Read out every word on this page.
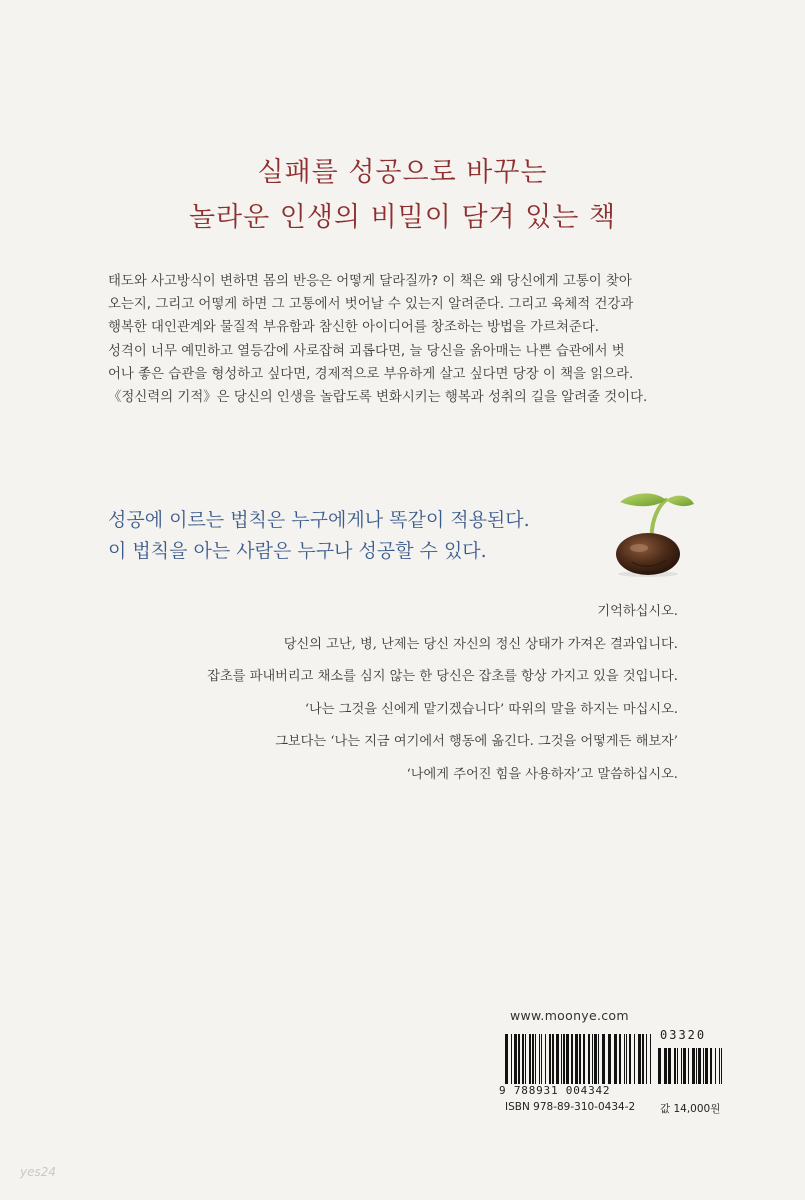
실패를 성공으로 바꾸는
놀라운 인생의 비밀이 담겨 있는 책
태도와 사고방식이 변하면 몸의 반응은 어떻게 달라질까? 이 책은 왜 당신에게 고통이 찾아
오는지, 그리고 어떻게 하면 그 고통에서 벗어날 수 있는지 알려준다. 그리고 육체적 건강과
행복한 대인관계와 물질적 부유함과 참신한 아이디어를 창조하는 방법을 가르쳐준다.
성격이 너무 예민하고 열등감에 사로잡혀 괴롭다면, 늘 당신을 옭아매는 나쁜 습관에서 벗
어나 좋은 습관을 형성하고 싶다면, 경제적으로 부유하게 살고 싶다면 당장 이 책을 읽으라.
《정신력의 기적》은 당신의 인생을 놀랍도록 변화시키는 행복과 성취의 길을 알려줄 것이다.
성공에 이르는 법칙은 누구에게나 똑같이 적용된다.
이 법칙을 아는 사람은 누구나 성공할 수 있다.
기억하십시오.
당신의 고난, 병, 난제는 당신 자신의 정신 상태가 가져온 결과입니다.
잡초를 파내버리고 채소를 심지 않는 한 당신은 잡초를 항상 가지고 있을 것입니다.
‘나는 그것을 신에게 맡기겠습니다’ 따위의 말을 하지는 마십시오.
그보다는 ‘나는 지금 여기에서 행동에 옮긴다. 그것을 어떻게든 해보자’
‘나에게 주어진 힘을 사용하자’고 말씀하십시오.
www.moonye.com
03320
9 788931 004342
ISBN 978-89-310-0434-2 값 14,000원
yes24
